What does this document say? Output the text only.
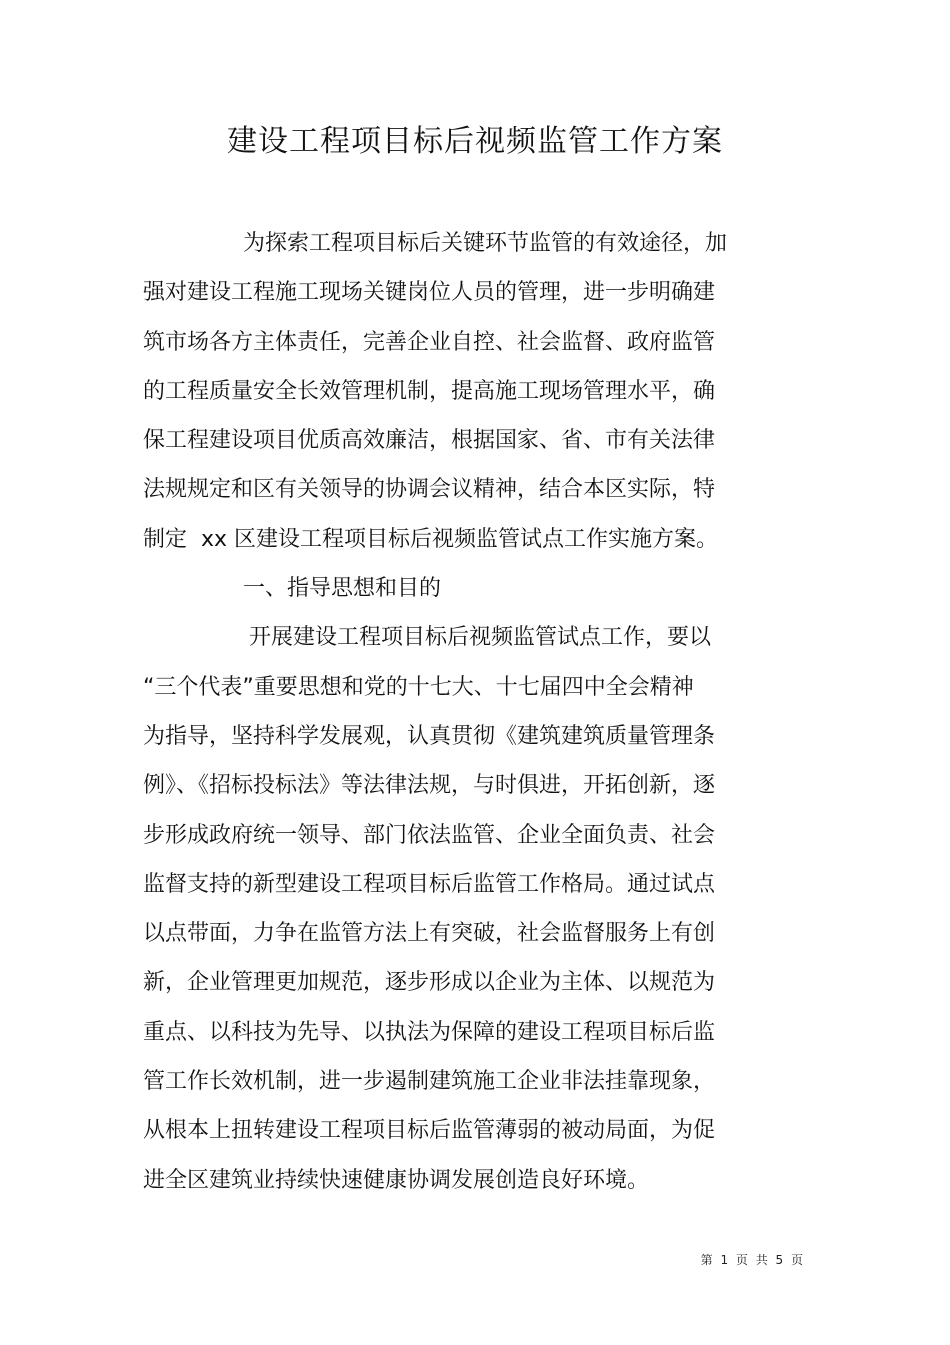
建设工程项目标后视频监管工作方案
为探索工程项目标后关键环节监管的有效途径，加
强对建设工程施工现场关键岗位人员的管理，进一步明确建
筑市场各方主体责任，完善企业自控、社会监督、政府监管
的工程质量安全长效管理机制，提高施工现场管理水平，确
保工程建设项目优质高效廉洁，根据国家、省、市有关法律
法规规定和区有关领导的协调会议精神，结合本区实际，特
制定  xx 区建设工程项目标后视频监管试点工作实施方案。
一、指导思想和目的
开展建设工程项目标后视频监管试点工作，要以
“三个代表”重要思想和党的十七大、十七届四中全会精神
为指导，坚持科学发展观，认真贯彻《建筑建筑质量管理条
例》、《招标投标法》等法律法规，与时俱进，开拓创新，逐
步形成政府统一领导、部门依法监管、企业全面负责、社会
监督支持的新型建设工程项目标后监管工作格局。通过试点
以点带面，力争在监管方法上有突破，社会监督服务上有创
新，企业管理更加规范，逐步形成以企业为主体、以规范为
重点、以科技为先导、以执法为保障的建设工程项目标后监
管工作长效机制，进一步遏制建筑施工企业非法挂靠现象，
从根本上扭转建设工程项目标后监管薄弱的被动局面，为促
进全区建筑业持续快速健康协调发展创造良好环境。
第 1 页 共 5 页
